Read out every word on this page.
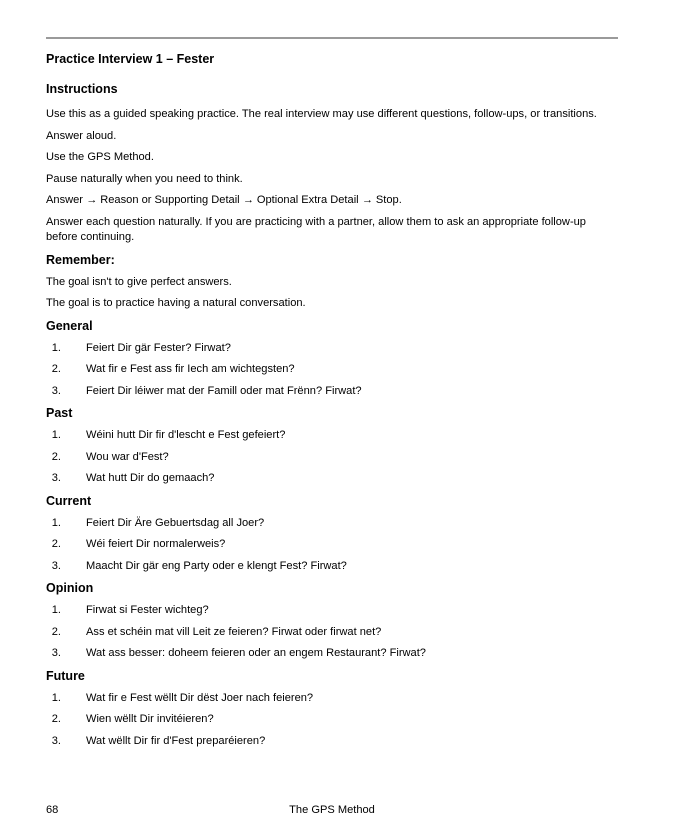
Practice Interview 1 – Fester
Instructions

Use this as a guided speaking practice. The real interview may use different questions, follow-ups, or transitions.

Answer aloud.

Use the GPS Method.

Pause naturally when you need to think.

Answer → Reason or Supporting Detail → Optional Extra Detail → Stop.

Answer each question naturally. If you are practicing with a partner, allow them to ask an appropriate follow-up before continuing.

Remember:

The goal isn't to give perfect answers.

The goal is to practice having a natural conversation.

General
1. Feiert Dir gär Fester? Firwat?
2. Wat fir e Fest ass fir Iech am wichtegsten?
3. Feiert Dir léiwer mat der Famill oder mat Frënn? Firwat?
Past
1. Wéini hutt Dir fir d'lescht e Fest gefeiert?
2. Wou war d'Fest?
3. Wat hutt Dir do gemaach?
Current
1. Feiert Dir Äre Gebuertsdag all Joer?
2. Wéi feiert Dir normalerweis?
3. Maacht Dir gär eng Party oder e klengt Fest? Firwat?
Opinion
1. Firwat si Fester wichteg?
2. Ass et schéin mat vill Leit ze feieren? Firwat oder firwat net?
3. Wat ass besser: doheem feieren oder an engem Restaurant? Firwat?
Future
1. Wat fir e Fest wëllt Dir dëst Joer nach feieren?
2. Wien wëllt Dir invitéieren?
3. Wat wëllt Dir fir d'Fest preparéieren?
68	The GPS Method
